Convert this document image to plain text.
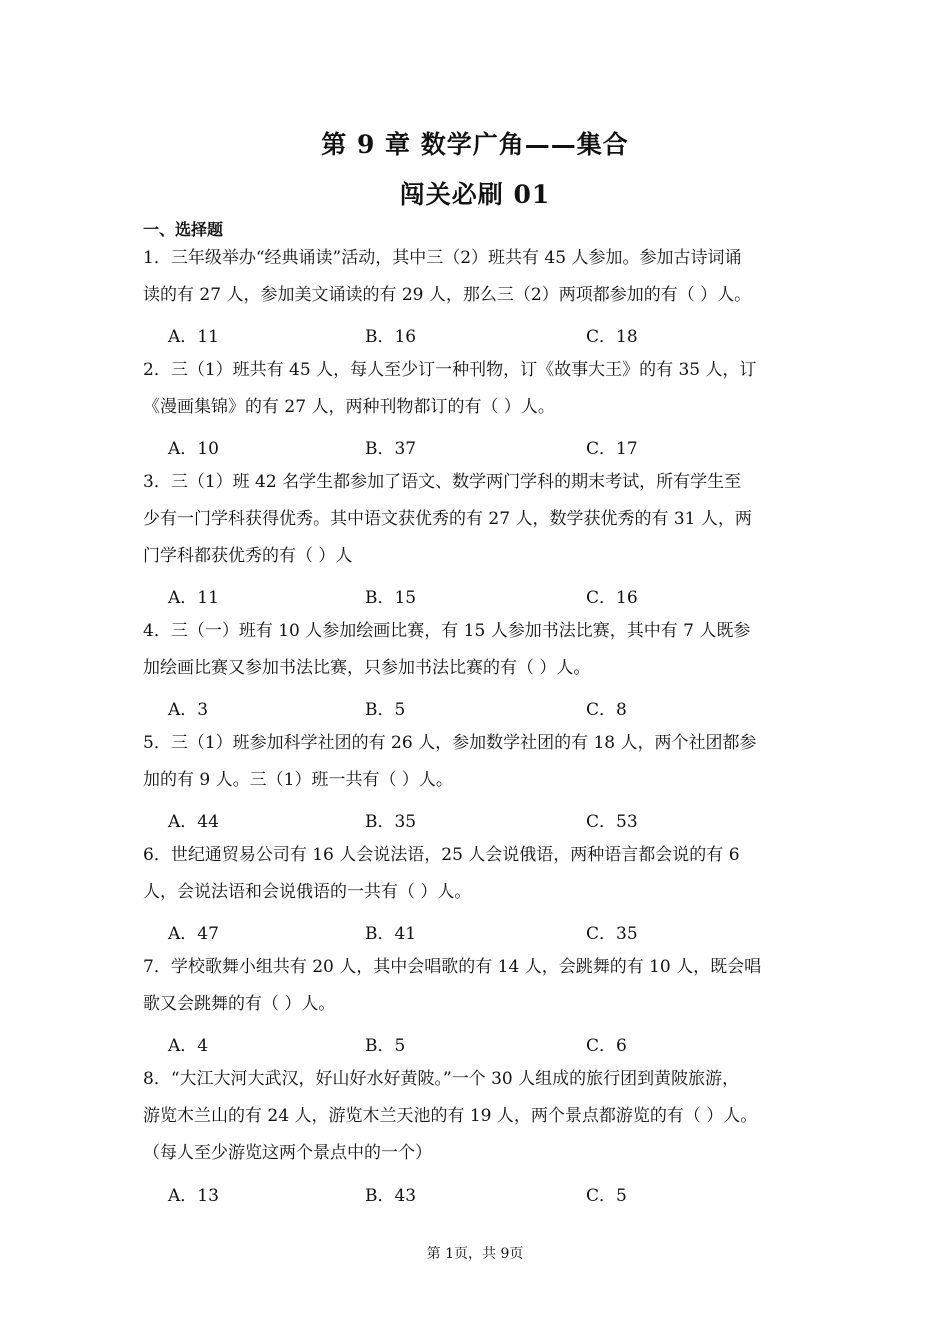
第 9 章 数学广角——集合
闯关必刷 01
一、选择题

1．三年级举办“经典诵读”活动，其中三（2）班共有 45 人参加。参加古诗词诵

读的有 27 人，参加美文诵读的有 29 人，那么三（2）两项都参加的有（ ）人。

A．11	B．16	C．18

2．三（1）班共有 45 人，每人至少订一种刊物，订《故事大王》的有 35 人，订

《漫画集锦》的有 27 人，两种刊物都订的有（ ）人。

A．10	B．37	C．17

3．三（1）班 42 名学生都参加了语文、数学两门学科的期末考试，所有学生至

少有一门学科获得优秀。其中语文获优秀的有 27 人，数学获优秀的有 31 人，两

门学科都获优秀的有（ ）人

A．11	B．15	C．16

4．三（一）班有 10 人参加绘画比赛，有 15 人参加书法比赛，其中有 7 人既参

加绘画比赛又参加书法比赛，只参加书法比赛的有（ ）人。

A．3	B．5	C．8

5．三（1）班参加科学社团的有 26 人，参加数学社团的有 18 人，两个社团都参

加的有 9 人。三（1）班一共有（ ）人。

A．44	B．35	C．53

6．世纪通贸易公司有 16 人会说法语，25 人会说俄语，两种语言都会说的有 6

人，会说法语和会说俄语的一共有（ ）人。

A．47	B．41	C．35

7．学校歌舞小组共有 20 人，其中会唱歌的有 14 人，会跳舞的有 10 人，既会唱

歌又会跳舞的有（ ）人。

A．4	B．5	C．6

8．“大江大河大武汉，好山好水好黄陂。”一个 30 人组成的旅行团到黄陂旅游，

游览木兰山的有 24 人，游览木兰天池的有 19 人，两个景点都游览的有（ ）人。

（每人至少游览这两个景点中的一个）

A．13	B．43	C．5
第 1页，共 9页
